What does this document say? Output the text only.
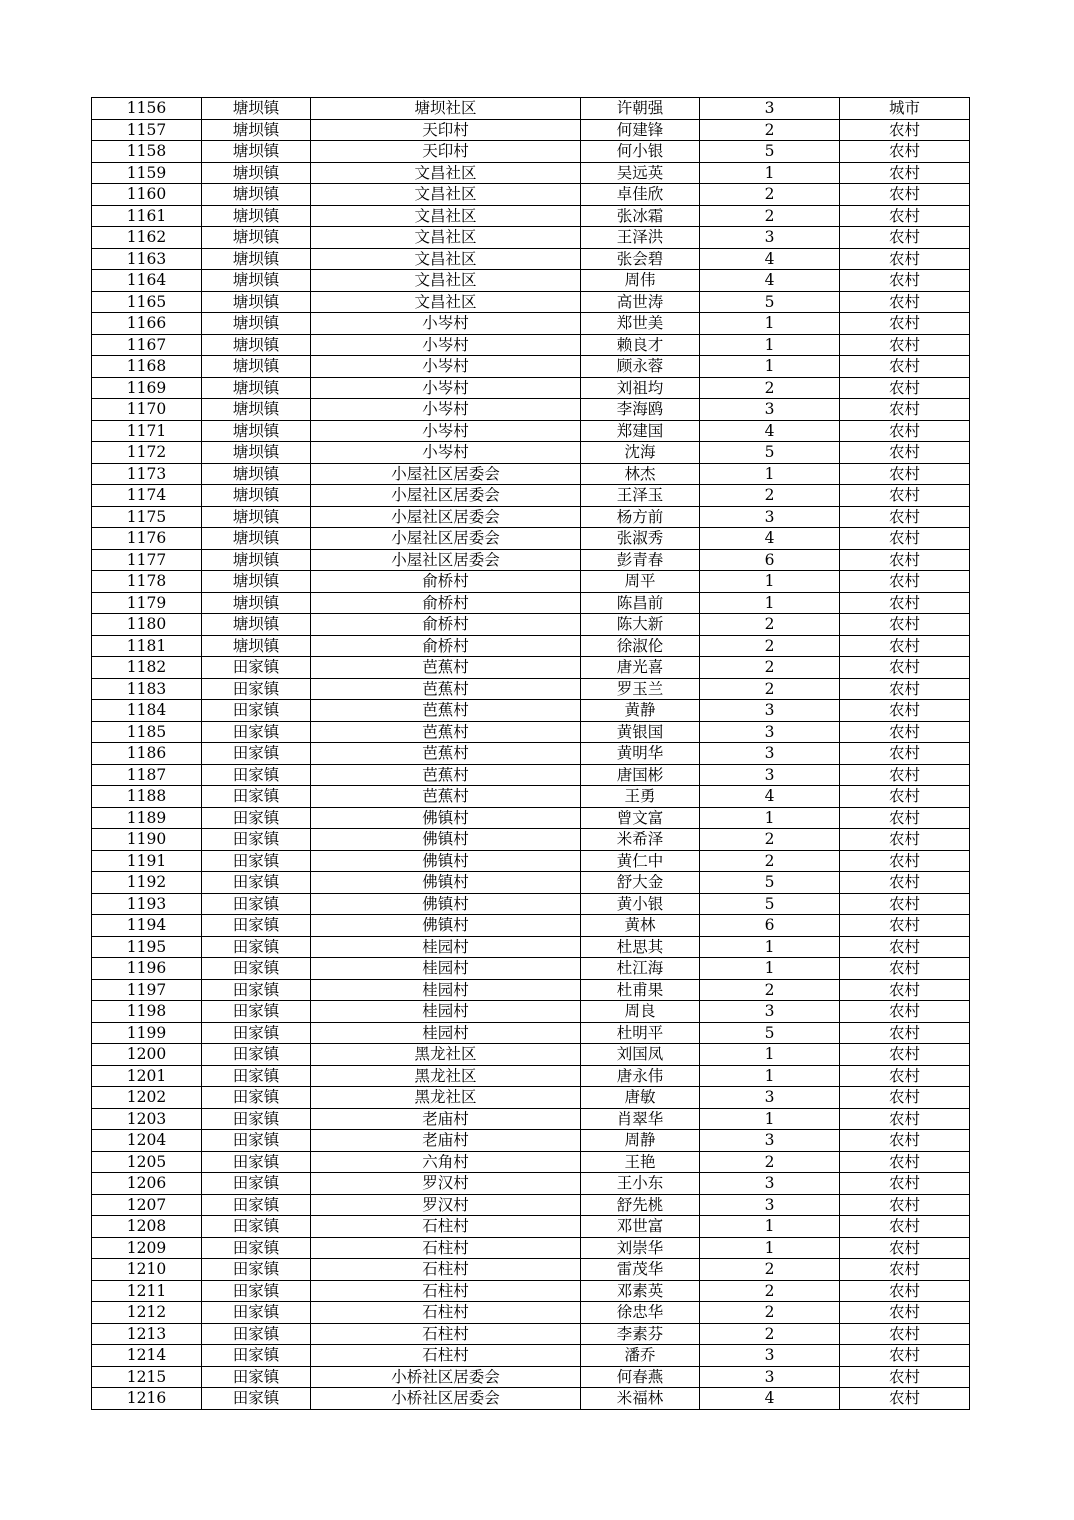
1156	塘坝镇	塘坝社区	许朝强	3	城市
1157	塘坝镇	天印村	何建锋	2	农村
1158	塘坝镇	天印村	何小银	5	农村
1159	塘坝镇	文昌社区	吴远英	1	农村
1160	塘坝镇	文昌社区	卓佳欣	2	农村
1161	塘坝镇	文昌社区	张冰霜	2	农村
1162	塘坝镇	文昌社区	王泽洪	3	农村
1163	塘坝镇	文昌社区	张会碧	4	农村
1164	塘坝镇	文昌社区	周伟	4	农村
1165	塘坝镇	文昌社区	高世涛	5	农村
1166	塘坝镇	小岑村	郑世美	1	农村
1167	塘坝镇	小岑村	赖良才	1	农村
1168	塘坝镇	小岑村	顾永蓉	1	农村
1169	塘坝镇	小岑村	刘祖均	2	农村
1170	塘坝镇	小岑村	李海鸥	3	农村
1171	塘坝镇	小岑村	郑建国	4	农村
1172	塘坝镇	小岑村	沈海	5	农村
1173	塘坝镇	小屋社区居委会	林杰	1	农村
1174	塘坝镇	小屋社区居委会	王泽玉	2	农村
1175	塘坝镇	小屋社区居委会	杨方前	3	农村
1176	塘坝镇	小屋社区居委会	张淑秀	4	农村
1177	塘坝镇	小屋社区居委会	彭青春	6	农村
1178	塘坝镇	俞桥村	周平	1	农村
1179	塘坝镇	俞桥村	陈昌前	1	农村
1180	塘坝镇	俞桥村	陈大新	2	农村
1181	塘坝镇	俞桥村	徐淑伦	2	农村
1182	田家镇	芭蕉村	唐光喜	2	农村
1183	田家镇	芭蕉村	罗玉兰	2	农村
1184	田家镇	芭蕉村	黄静	3	农村
1185	田家镇	芭蕉村	黄银国	3	农村
1186	田家镇	芭蕉村	黄明华	3	农村
1187	田家镇	芭蕉村	唐国彬	3	农村
1188	田家镇	芭蕉村	王勇	4	农村
1189	田家镇	佛镇村	曾文富	1	农村
1190	田家镇	佛镇村	米希泽	2	农村
1191	田家镇	佛镇村	黄仁中	2	农村
1192	田家镇	佛镇村	舒大金	5	农村
1193	田家镇	佛镇村	黄小银	5	农村
1194	田家镇	佛镇村	黄林	6	农村
1195	田家镇	桂园村	杜思其	1	农村
1196	田家镇	桂园村	杜江海	1	农村
1197	田家镇	桂园村	杜甫果	2	农村
1198	田家镇	桂园村	周良	3	农村
1199	田家镇	桂园村	杜明平	5	农村
1200	田家镇	黑龙社区	刘国凤	1	农村
1201	田家镇	黑龙社区	唐永伟	1	农村
1202	田家镇	黑龙社区	唐敏	3	农村
1203	田家镇	老庙村	肖翠华	1	农村
1204	田家镇	老庙村	周静	3	农村
1205	田家镇	六角村	王艳	2	农村
1206	田家镇	罗汉村	王小东	3	农村
1207	田家镇	罗汉村	舒先桃	3	农村
1208	田家镇	石柱村	邓世富	1	农村
1209	田家镇	石柱村	刘崇华	1	农村
1210	田家镇	石柱村	雷茂华	2	农村
1211	田家镇	石柱村	邓素英	2	农村
1212	田家镇	石柱村	徐忠华	2	农村
1213	田家镇	石柱村	李素芬	2	农村
1214	田家镇	石柱村	潘乔	3	农村
1215	田家镇	小桥社区居委会	何春燕	3	农村
1216	田家镇	小桥社区居委会	米福林	4	农村
